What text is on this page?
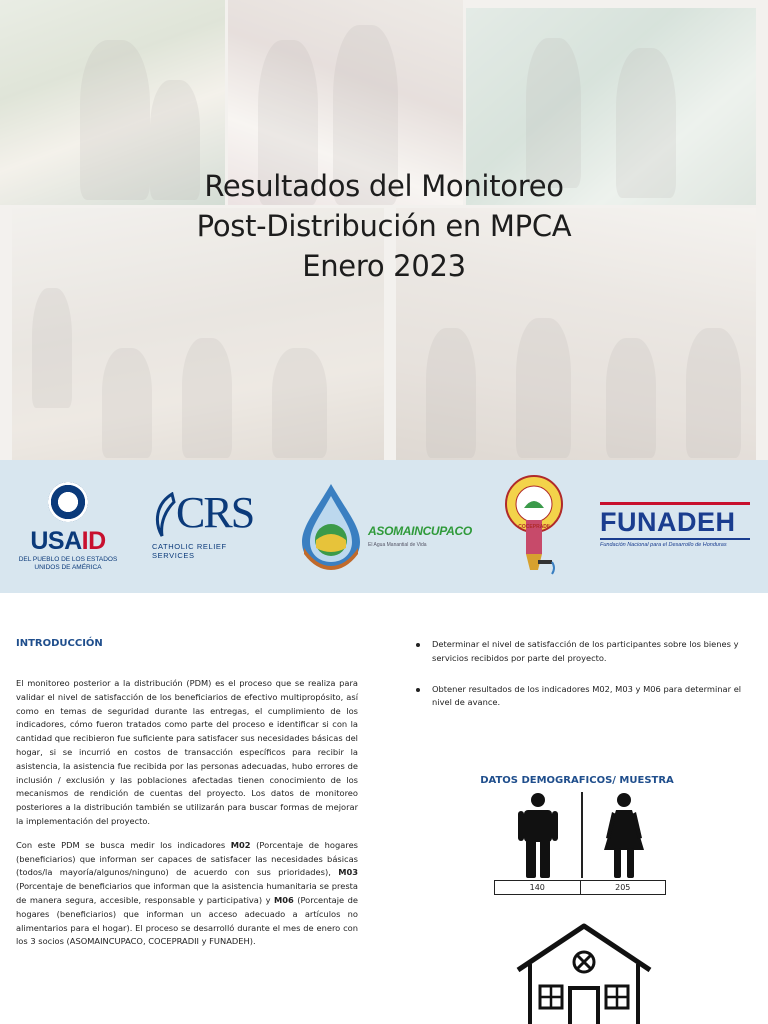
Resultados del Monitoreo
Post-Distribución en MPCA
Enero 2023
USAID
DEL PUEBLO DE LOS ESTADOS
UNIDOS DE AMÉRICA
CRS
CATHOLIC RELIEF SERVICES
ASOMAINCUPACO
El Agua Manantial de Vida
COCEPRADII	FUNADEH
Fundación Nacional para el Desarrollo de Honduras
INTRODUCCIÓN

El monitoreo posterior a la distribución (PDM) es el proceso que se realiza para validar el nivel de satisfacción de los beneficiarios de efectivo multipropósito, así como en temas de seguridad durante las entregas, el cumplimiento de los indicadores, cómo fueron tratados como parte del proceso e identificar si con la cantidad que recibieron fue suficiente para satisfacer sus necesidades básicas del hogar, si se incurrió en costos de transacción específicos para recibir la asistencia, la asistencia fue recibida por las personas adecuadas, hubo errores de inclusión / exclusión y las poblaciones afectadas tienen conocimiento de los mecanismos de rendición de cuentas del proyecto. Los datos de monitoreo posteriores a la distribución también se utilizarán para buscar formas de mejorar la implementación del proyecto.

Con este PDM se busca medir los indicadores M02 (Porcentaje de hogares (beneficiarios) que informan ser capaces de satisfacer las necesidades básicas (todos/la mayoría/algunos/ninguno) de acuerdo con sus prioridades), M03 (Porcentaje de beneficiarios que informan que la asistencia humanitaria se presta de manera segura, accesible, responsable y participativa) y M06 (Porcentaje de hogares (beneficiarios) que informan un acceso adecuado a artículos no alimentarios para el hogar). El proceso se desarrolló durante el mes de enero con los 3 socios (ASOMAINCUPACO, COCEPRADII y FUNADEH).

Determinar el nivel de satisfacción de los participantes sobre los bienes y servicios recibidos por parte del proyecto.
Obtener resultados de los indicadores M02, M03 y M06 para determinar el nivel de avance.
DATOS DEMOGRAFICOS/ MUESTRA
140	205
